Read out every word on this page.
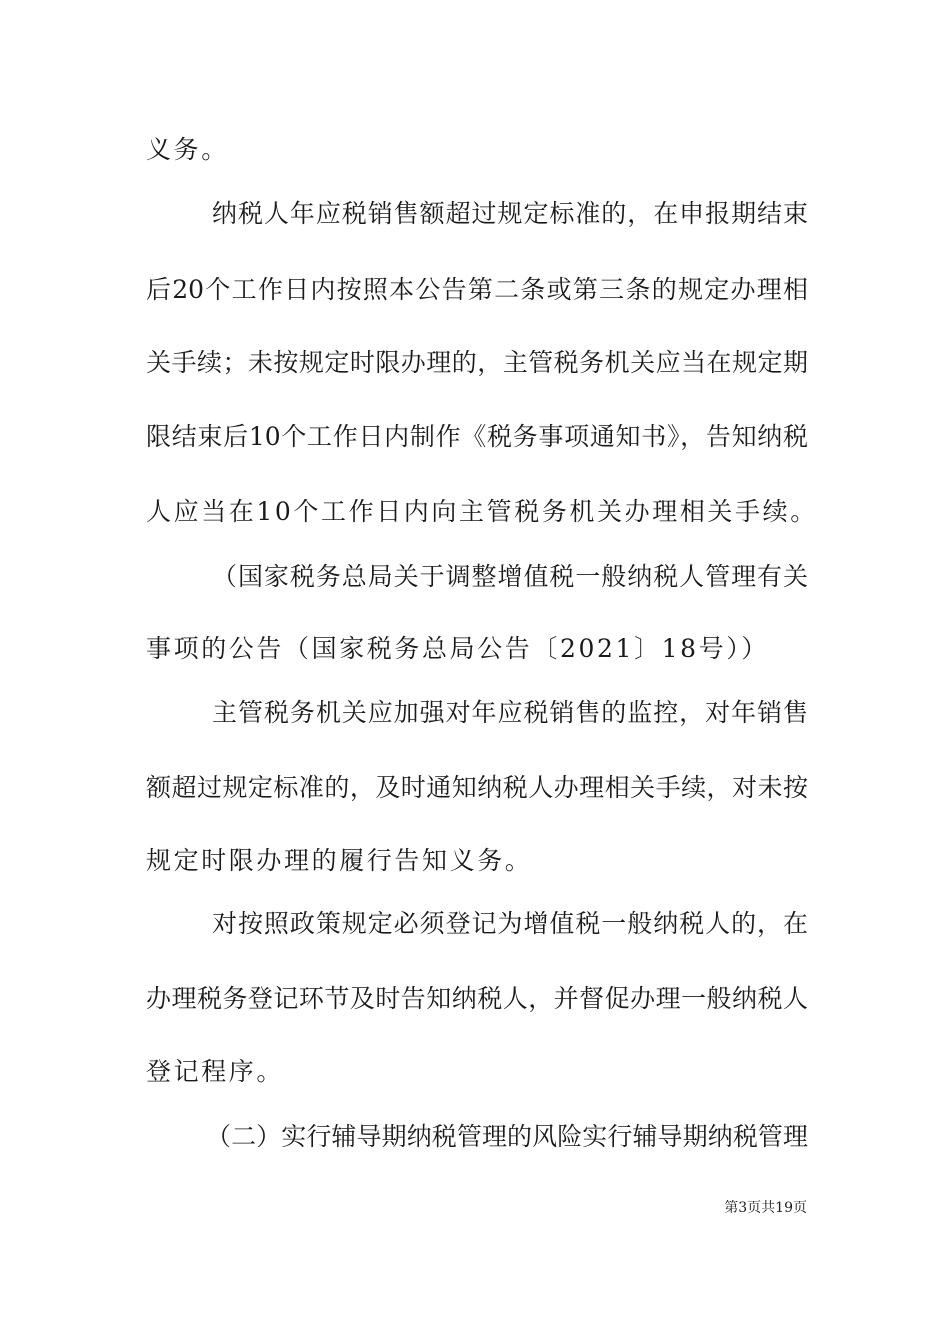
义务。
纳税人年应税销售额超过规定标准的，在申报期结束
后20个工作日内按照本公告第二条或第三条的规定办理相
关手续；未按规定时限办理的，主管税务机关应当在规定期
限结束后10个工作日内制作《税务事项通知书》，告知纳税
人应当在10个工作日内向主管税务机关办理相关手续。
（国家税务总局关于调整增值税一般纳税人管理有关
事项的公告（国家税务总局公告〔2021〕18号））
主管税务机关应加强对年应税销售的监控，对年销售
额超过规定标准的，及时通知纳税人办理相关手续，对未按
规定时限办理的履行告知义务。
对按照政策规定必须登记为增值税一般纳税人的，在
办理税务登记环节及时告知纳税人，并督促办理一般纳税人
登记程序。
（二）实行辅导期纳税管理的风险实行辅导期纳税管理
第3页共19页
